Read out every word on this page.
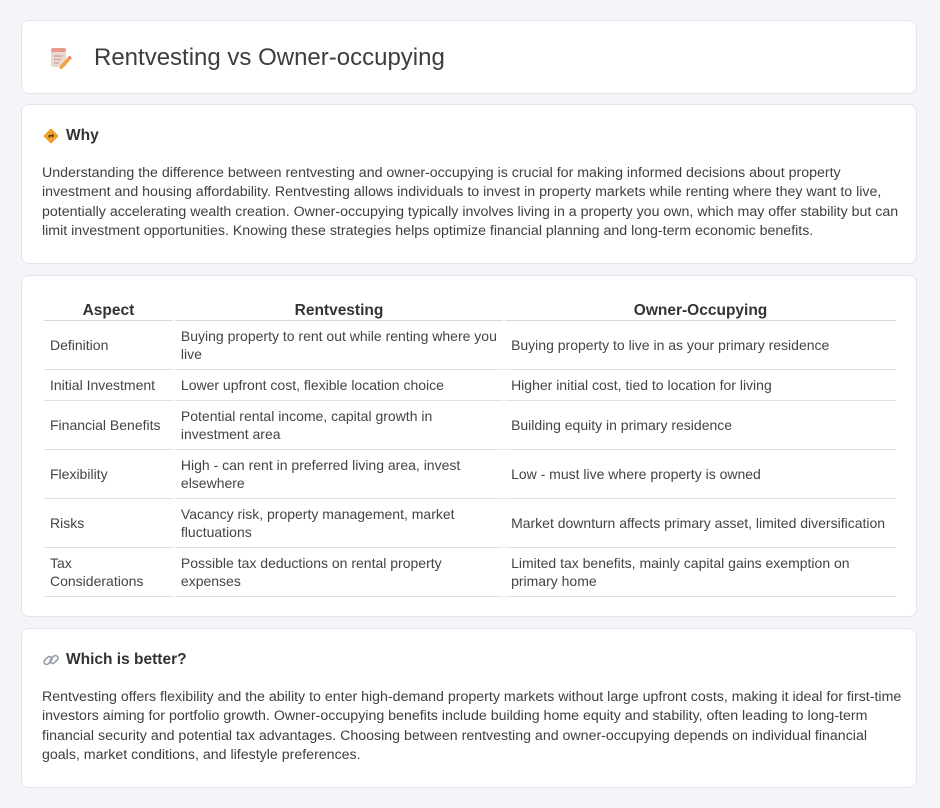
Rentvesting vs Owner-occupying
Why

Understanding the difference between rentvesting and owner-occupying is crucial for making informed decisions about property investment and housing affordability. Rentvesting allows individuals to invest in property markets while renting where they want to live, potentially accelerating wealth creation. Owner-occupying typically involves living in a property you own, which may offer stability but can limit investment opportunities. Knowing these strategies helps optimize financial planning and long-term economic benefits.

Aspect	Rentvesting	Owner-Occupying
Definition	Buying property to rent out while renting where you live	Buying property to live in as your primary residence
Initial Investment	Lower upfront cost, flexible location choice	Higher initial cost, tied to location for living
Financial Benefits	Potential rental income, capital growth in investment area	Building equity in primary residence
Flexibility	High - can rent in preferred living area, invest elsewhere	Low - must live where property is owned
Risks	Vacancy risk, property management, market fluctuations	Market downturn affects primary asset, limited diversification
Tax Considerations	Possible tax deductions on rental property expenses	Limited tax benefits, mainly capital gains exemption on primary home
Which is better?

Rentvesting offers flexibility and the ability to enter high-demand property markets without large upfront costs, making it ideal for first-time investors aiming for portfolio growth. Owner-occupying benefits include building home equity and stability, often leading to long-term financial security and potential tax advantages. Choosing between rentvesting and owner-occupying depends on individual financial goals, market conditions, and lifestyle preferences.
